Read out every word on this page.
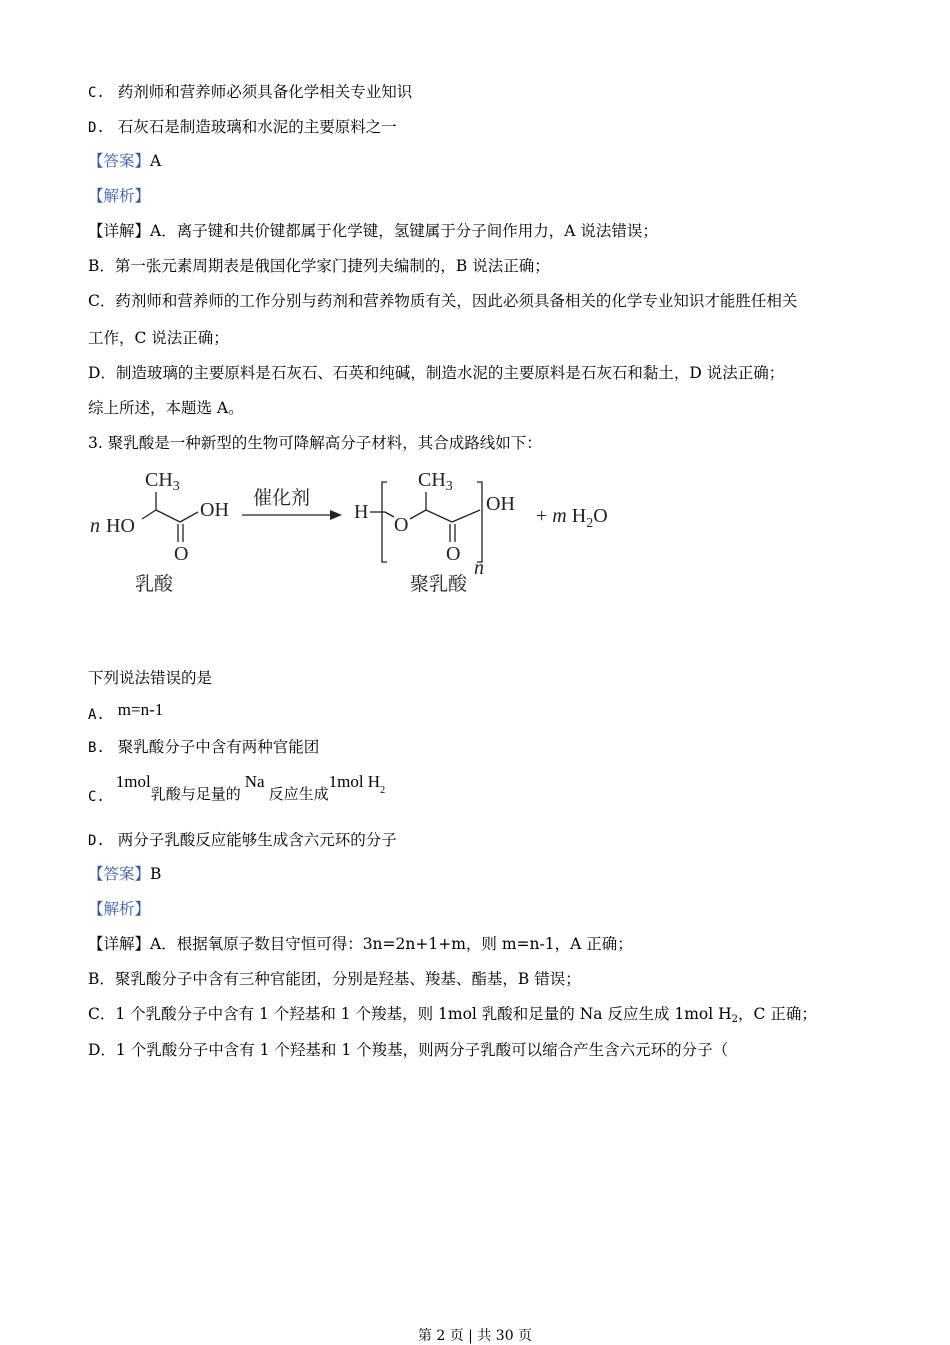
C. 药剂师和营养师必须具备化学相关专业知识
D. 石灰石是制造玻璃和水泥的主要原料之一
【答案】A
【解析】
【详解】A．离子键和共价键都属于化学键，氢键属于分子间作用力，A 说法错误；
B．第一张元素周期表是俄国化学家门捷列夫编制的，B 说法正确；
C．药剂师和营养师的工作分别与药剂和营养物质有关，因此必须具备相关的化学专业知识才能胜任相关
工作，C 说法正确；
D．制造玻璃的主要原料是石灰石、石英和纯碱，制造水泥的主要原料是石灰石和黏土，D 说法正确；
综上所述，本题选 A。
3. 聚乳酸是一种新型的生物可降解高分子材料，其合成路线如下：
n HO
$CH_3$
OH
O
乳酸
催化剂
H
O
$CH_3$
O
n
OH
聚乳酸
+ m $H_2O$
下列说法错误的是
A. m=n-1
B. 聚乳酸分子中含有两种官能团
C. 1mol乳酸与足量的Na反应生成1mol $H_2$
D. 两分子乳酸反应能够生成含六元环的分子
【答案】B
【解析】
【详解】A．根据氧原子数目守恒可得：3n=2n+1+m，则 m=n-1，A 正确；
B．聚乳酸分子中含有三种官能团，分别是羟基、羧基、酯基，B 错误；
C．1 个乳酸分子中含有 1 个羟基和 1 个羧基，则 1mol 乳酸和足量的 Na 反应生成 1mol $H_2$，C 正确；
D．1 个乳酸分子中含有 1 个羟基和 1 个羧基，则两分子乳酸可以缩合产生含六元环的分子（
第 2 页 | 共 30 页
